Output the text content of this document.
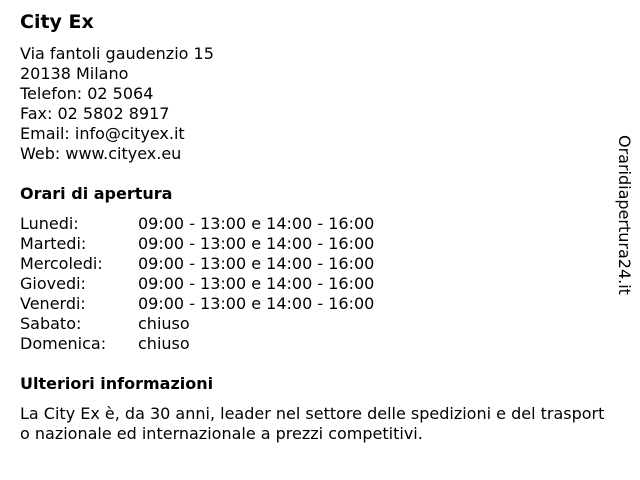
City Ex
Via fantoli gaudenzio 15
20138 Milano
Telefon: 02 5064
Fax: 02 5802 8917
Email: info@cityex.it
Web: www.cityex.eu
Orari di apertura
Lunedi:	09:00 - 13:00 e 14:00 - 16:00
Martedi:	09:00 - 13:00 e 14:00 - 16:00
Mercoledi: 09:00 - 13:00 e 14:00 - 16:00
Giovedi:	09:00 - 13:00 e 14:00 - 16:00
Venerdi:	09:00 - 13:00 e 14:00 - 16:00
Sabato:	chiuso
Domenica: chiuso
Ulteriori informazioni
La City Ex è, da 30 anni, leader nel settore delle spedizioni e del trasporto nazionale ed internazionale a prezzi competitivi.
Oraridiapertura24.it
